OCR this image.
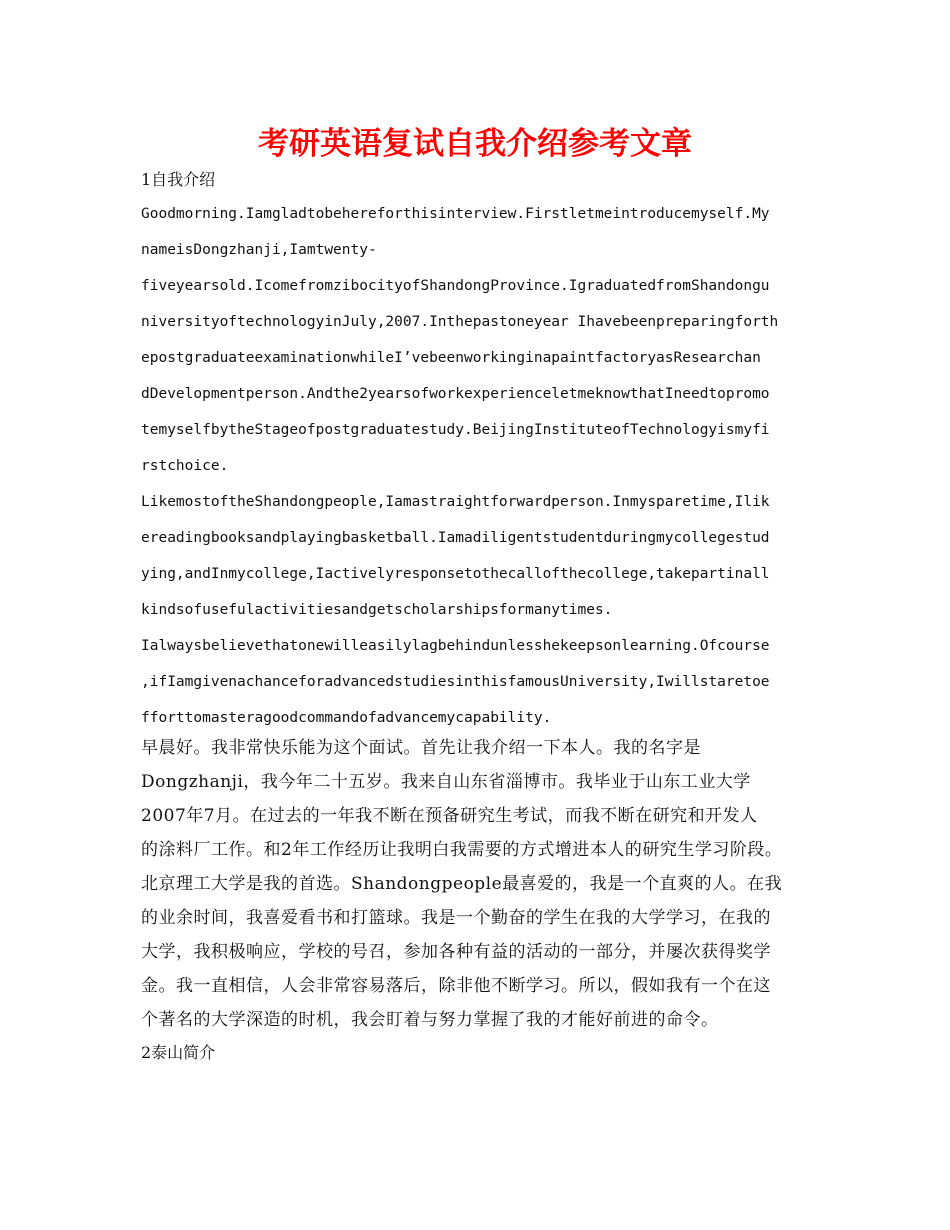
考研英语复试自我介绍参考文章

1自我介绍

Goodmorning.Iamgladtobehereforthisinterview.Firstletmeintroducemyself.My
nameisDongzhanji,Iamtwenty-
fiveyearsold.IcomefromzibocityofShandongProvince.IgraduatedfromShandongu
niversityoftechnologyinJuly,2007.Inthepastoneyear Ihavebeenpreparingforth
epostgraduateexaminationwhileI’vebeenworkinginapaintfactoryasResearchan
dDevelopmentperson.Andthe2yearsofworkexperienceletmeknowthatIneedtopromo
temyselfbytheStageofpostgraduatestudy.BeijingInstituteofTechnologyismyfi
rstchoice.
LikemostoftheShandongpeople,Iamastraightforwardperson.Inmysparetime,Ilik
ereadingbooksandplayingbasketball.Iamadiligentstudentduringmycollegestud
ying,andInmycollege,Iactivelyresponsetothecallofthecollege,takepartinall
kindsofusefulactivitiesandgetscholarshipsformanytimes.
Ialwaysbelievethatonewilleasilylagbehindunlesshekeepsonlearning.Ofcourse
,ifIamgivenachanceforadvancedstudiesinthisfamousUniversity,Iwillstaretoe
fforttomasteragoodcommandofadvancemycapability.
早晨好。我非常快乐能为这个面试。首先让我介绍一下本人。我的名字是
Dongzhanji，我今年二十五岁。我来自山东省淄博市。我毕业于山东工业大学
2007年7月。在过去的一年我不断在预备研究生考试，而我不断在研究和开发人
的涂料厂工作。和2年工作经历让我明白我需要的方式增进本人的研究生学习阶段。
北京理工大学是我的首选。Shandongpeople最喜爱的，我是一个直爽的人。在我
的业余时间，我喜爱看书和打篮球。我是一个勤奋的学生在我的大学学习，在我的
大学，我积极响应，学校的号召，参加各种有益的活动的一部分，并屡次获得奖学
金。我一直相信，人会非常容易落后，除非他不断学习。所以，假如我有一个在这
个著名的大学深造的时机，我会盯着与努力掌握了我的才能好前进的命令。

2泰山简介
